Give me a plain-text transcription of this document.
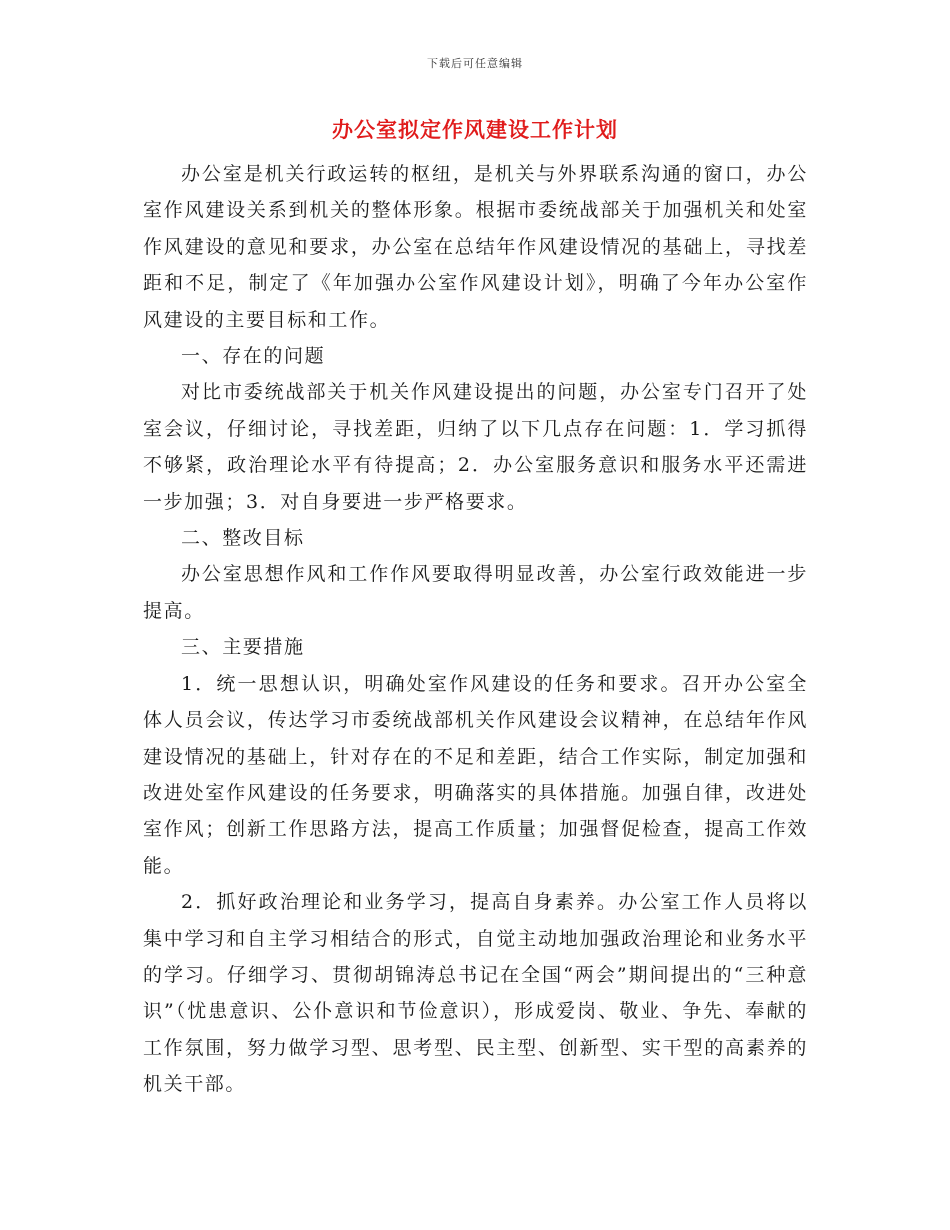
下载后可任意编辑
办公室拟定作风建设工作计划

办公室是机关行政运转的枢纽，是机关与外界联系沟通的窗口，办公室作风建设关系到机关的整体形象。根据市委统战部关于加强机关和处室作风建设的意见和要求，办公室在总结年作风建设情况的基础上，寻找差距和不足，制定了《年加强办公室作风建设计划》，明确了今年办公室作风建设的主要目标和工作。

一、存在的问题

对比市委统战部关于机关作风建设提出的问题，办公室专门召开了处室会议，仔细讨论，寻找差距，归纳了以下几点存在问题：1．学习抓得不够紧，政治理论水平有待提高；2．办公室服务意识和服务水平还需进一步加强；3．对自身要进一步严格要求。

二、整改目标

办公室思想作风和工作作风要取得明显改善，办公室行政效能进一步提高。

三、主要措施

1．统一思想认识，明确处室作风建设的任务和要求。召开办公室全体人员会议，传达学习市委统战部机关作风建设会议精神，在总结年作风建设情况的基础上，针对存在的不足和差距，结合工作实际，制定加强和改进处室作风建设的任务要求，明确落实的具体措施。加强自律，改进处室作风；创新工作思路方法，提高工作质量；加强督促检查，提高工作效能。

2．抓好政治理论和业务学习，提高自身素养。办公室工作人员将以集中学习和自主学习相结合的形式，自觉主动地加强政治理论和业务水平的学习。仔细学习、贯彻胡锦涛总书记在全国“两会”期间提出的“三种意识”（忧患意识、公仆意识和节俭意识），形成爱岗、敬业、争先、奉献的工作氛围，努力做学习型、思考型、民主型、创新型、实干型的高素养的机关干部。
